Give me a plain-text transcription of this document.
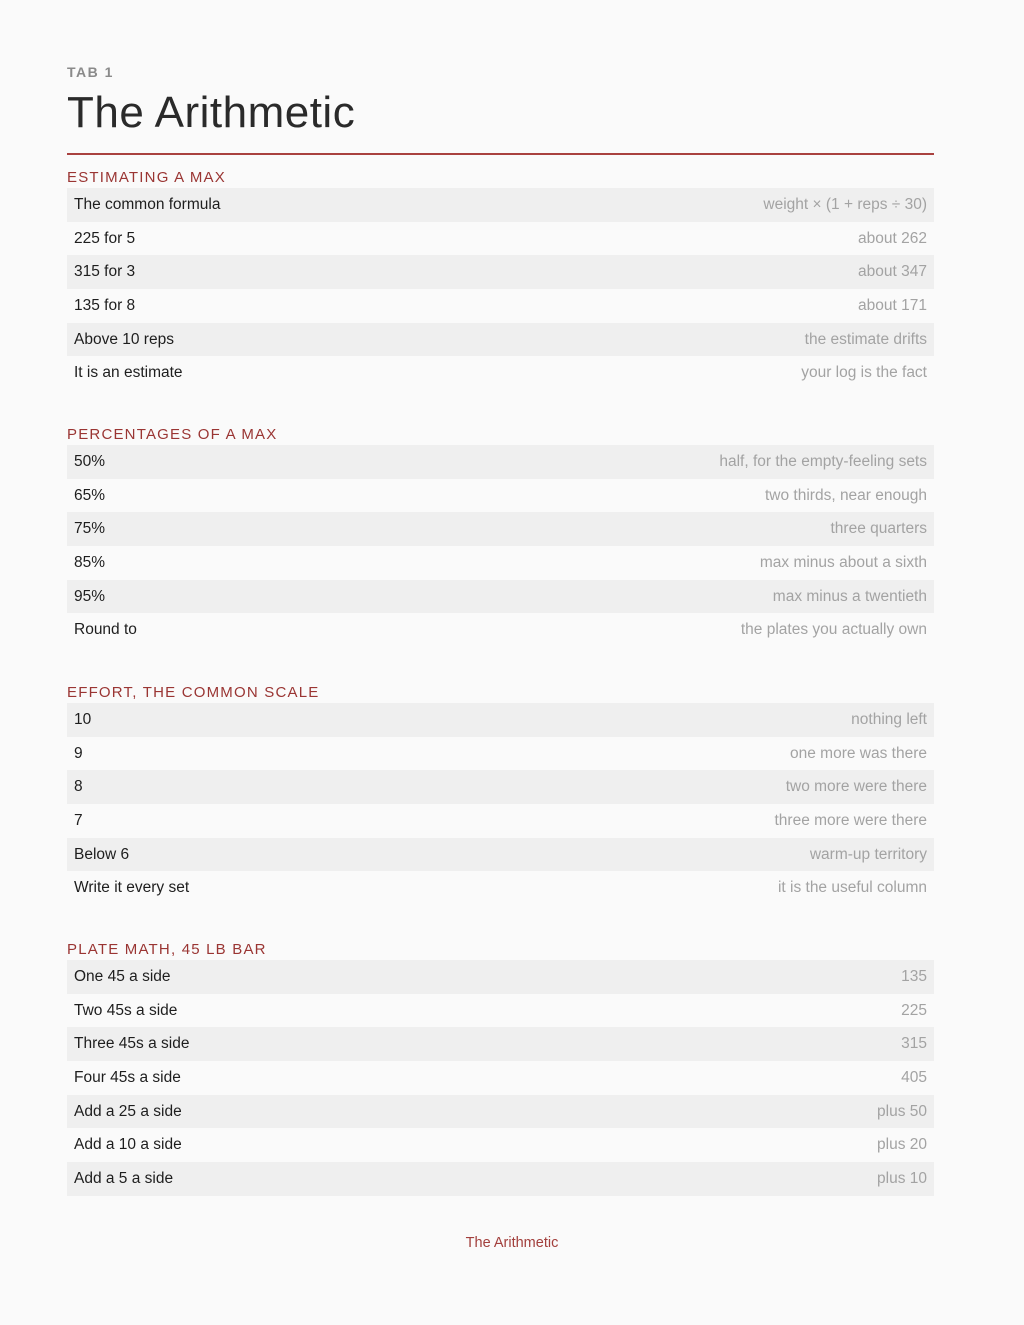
TAB 1
The Arithmetic
ESTIMATING A MAX
The common formula	weight × (1 + reps ÷ 30)
225 for 5	about 262
315 for 3	about 347
135 for 8	about 171
Above 10 reps	the estimate drifts
It is an estimate	your log is the fact
PERCENTAGES OF A MAX
50%	half, for the empty-feeling sets
65%	two thirds, near enough
75%	three quarters
85%	max minus about a sixth
95%	max minus a twentieth
Round to	the plates you actually own
EFFORT, THE COMMON SCALE
10	nothing left
9	one more was there
8	two more were there
7	three more were there
Below 6	warm-up territory
Write it every set	it is the useful column
PLATE MATH, 45 LB BAR
One 45 a side	135
Two 45s a side	225
Three 45s a side	315
Four 45s a side	405
Add a 25 a side	plus 50
Add a 10 a side	plus 20
Add a 5 a side	plus 10
The Arithmetic
